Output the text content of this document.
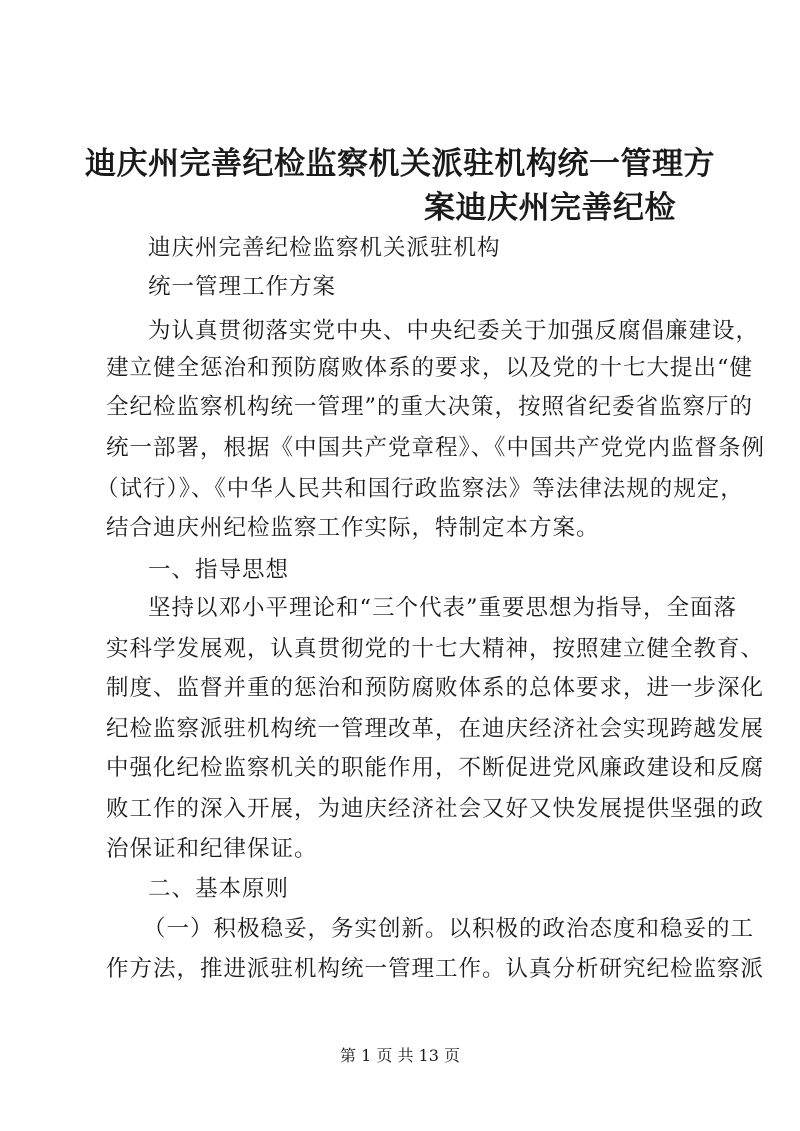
迪庆州完善纪检监察机关派驻机构统一管理方
案迪庆州完善纪检
迪庆州完善纪检监察机关派驻机构
统一管理工作方案
为认真贯彻落实党中央、中央纪委关于加强反腐倡廉建设，
建立健全惩治和预防腐败体系的要求，以及党的十七大提出“健
全纪检监察机构统一管理”的重大决策，按照省纪委省监察厅的
统一部署，根据《中国共产党章程》、《中国共产党党内监督条例
（试行）》、《中华人民共和国行政监察法》等法律法规的规定，
结合迪庆州纪检监察工作实际，特制定本方案。
一、指导思想
坚持以邓小平理论和“三个代表”重要思想为指导，全面落
实科学发展观，认真贯彻党的十七大精神，按照建立健全教育、
制度、监督并重的惩治和预防腐败体系的总体要求，进一步深化
纪检监察派驻机构统一管理改革，在迪庆经济社会实现跨越发展
中强化纪检监察机关的职能作用，不断促进党风廉政建设和反腐
败工作的深入开展，为迪庆经济社会又好又快发展提供坚强的政
治保证和纪律保证。
二、基本原则
（一）积极稳妥，务实创新。以积极的政治态度和稳妥的工
作方法，推进派驻机构统一管理工作。认真分析研究纪检监察派
第 1 页 共 13 页
